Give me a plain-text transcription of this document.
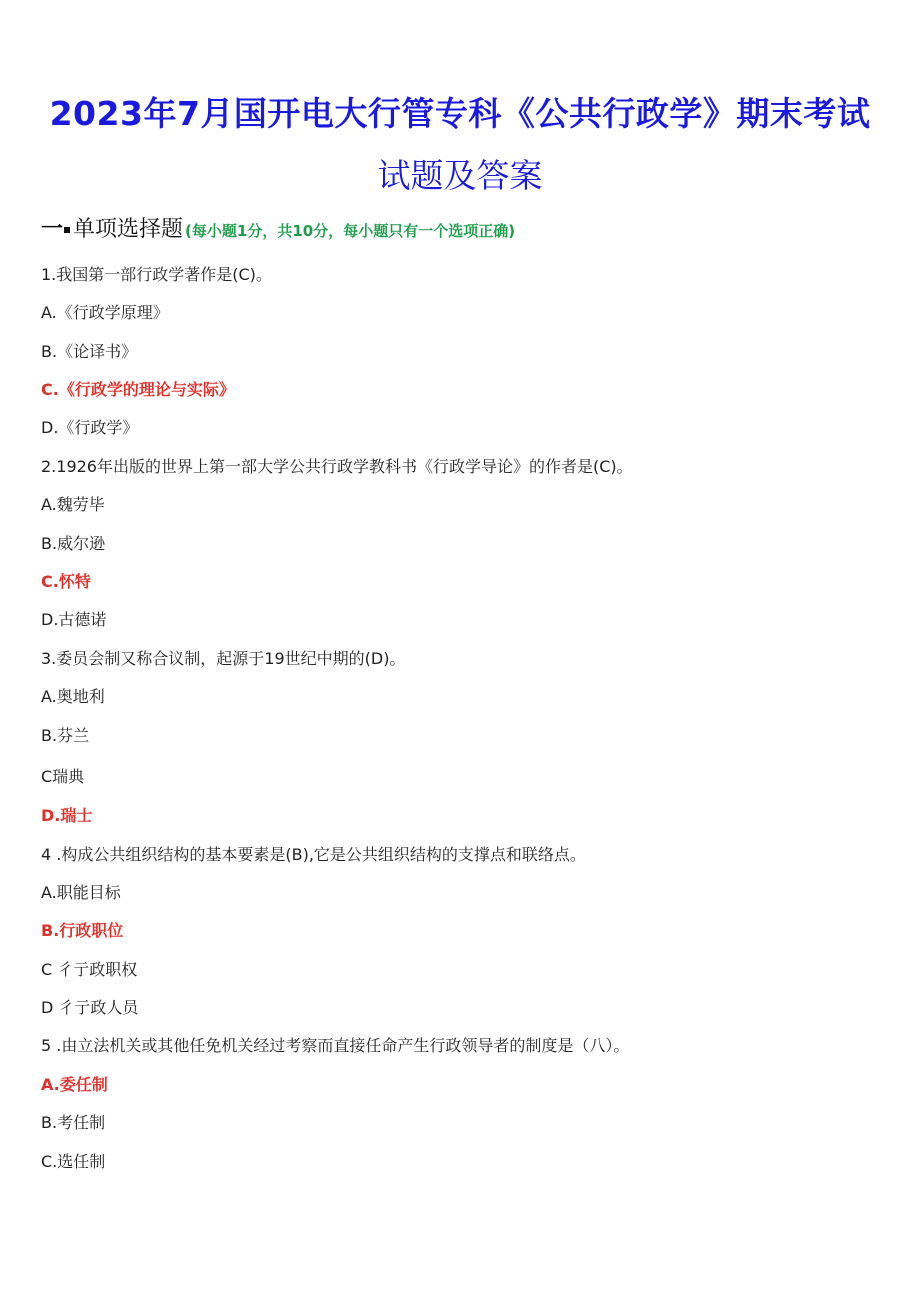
2023年7月国开电大行管专科《公共行政学》期末考试
试题及答案
一 单项选择题 (每小题1分，共10分，每小题只有一个选项正确)
1.我国第一部行政学著作是(C)。
A.《行政学原理》
B.《论译书》
C.《行政学的理论与实际》
D.《行政学》
2.1926年出版的世界上第一部大学公共行政学教科书《行政学导论》的作者是(C)。
A.魏劳毕
B.威尔逊
C.怀特
D.古德诺
3.委员会制又称合议制，起源于19世纪中期的(D)。
A.奥地利
B.芬兰
C瑞典
D.瑞士
4 .构成公共组织结构的基本要素是(B),它是公共组织结构的支撑点和联络点。
A.职能目标
B.行政职位
C 彳亍政职权
D 彳亍政人员
5 .由立法机关或其他任免机关经过考察而直接任命产生行政领导者的制度是（八）。
A.委任制
B.考任制
C.选任制
